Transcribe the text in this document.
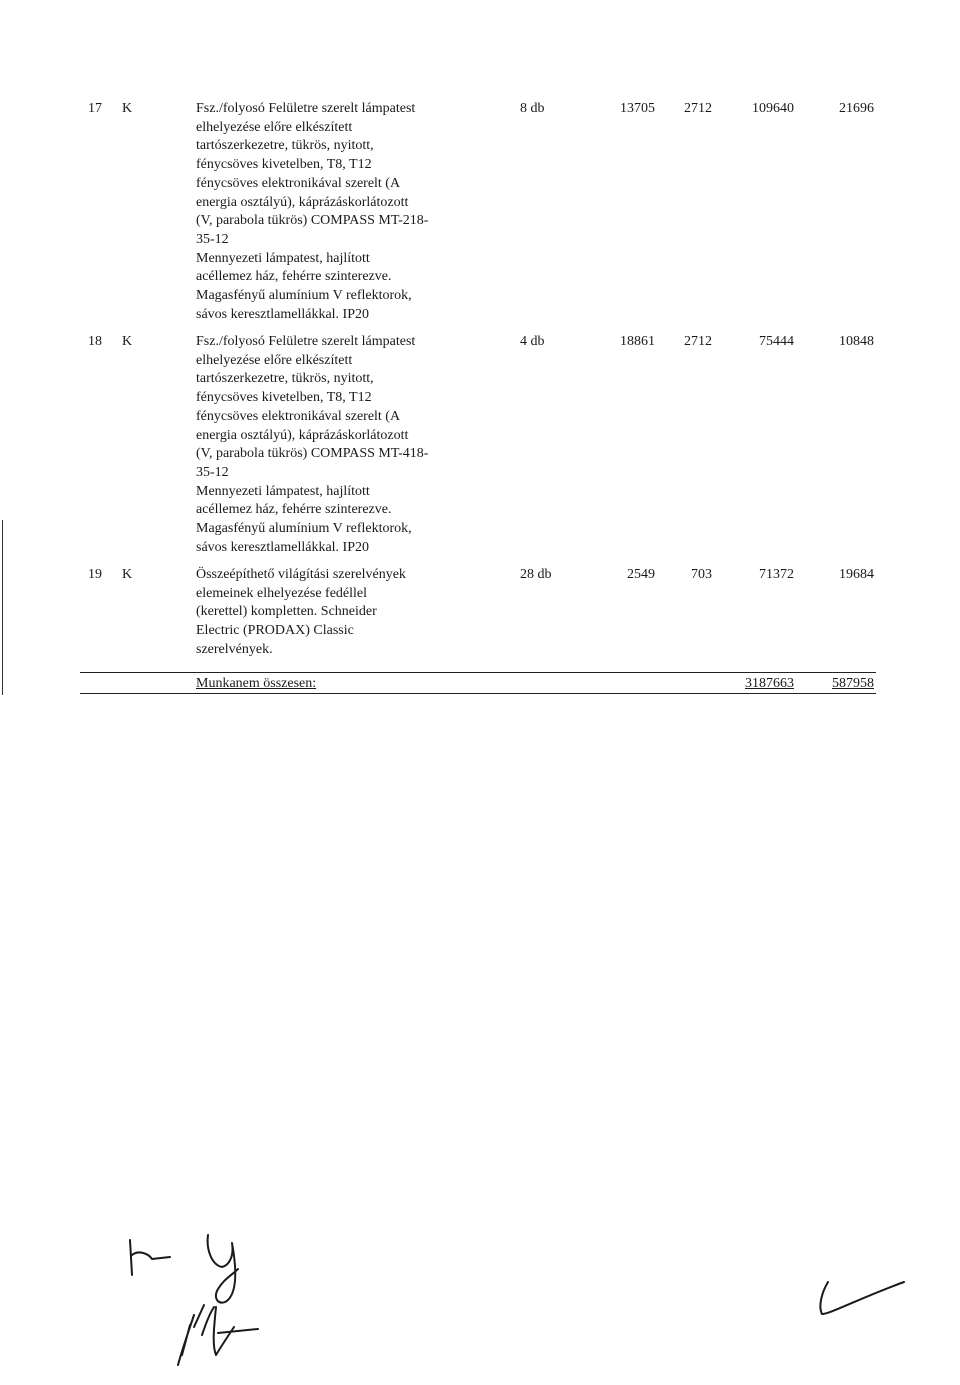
17 K	Fsz./folyosó Felületre szerelt lámpatest
elhelyezése előre elkészített
tartószerkezetre, tükrös, nyitott,
fénycsöves kivetelben, T8, T12
fénycsöves elektronikával szerelt (A
energia osztályú), káprázáskorlátozott
(V, parabola tükrös) COMPASS MT-218-
35-12
Mennyezeti lámpatest, hajlított
acéllemez ház, fehérre szinterezve.
Magasfényű alumínium V reflektorok,
sávos keresztlamellákkal. IP20
8 db	13705	2712	109640	21696
18 K	Fsz./folyosó Felületre szerelt lámpatest
elhelyezése előre elkészített
tartószerkezetre, tükrös, nyitott,
fénycsöves kivetelben, T8, T12
fénycsöves elektronikával szerelt (A
energia osztályú), káprázáskorlátozott
(V, parabola tükrös) COMPASS MT-418-
35-12
Mennyezeti lámpatest, hajlított
acéllemez ház, fehérre szinterezve.
Magasfényű alumínium V reflektorok,
sávos keresztlamellákkal. IP20
4 db	18861	2712	75444	10848
19 K	Összeépíthető világítási szerelvények
elemeinek elhelyezése fedéllel
(kerettel) kompletten. Schneider
Electric (PRODAX) Classic
szerelvények.
28 db	2549	703	71372	19684
Munkanem összesen:	3187663	587958
